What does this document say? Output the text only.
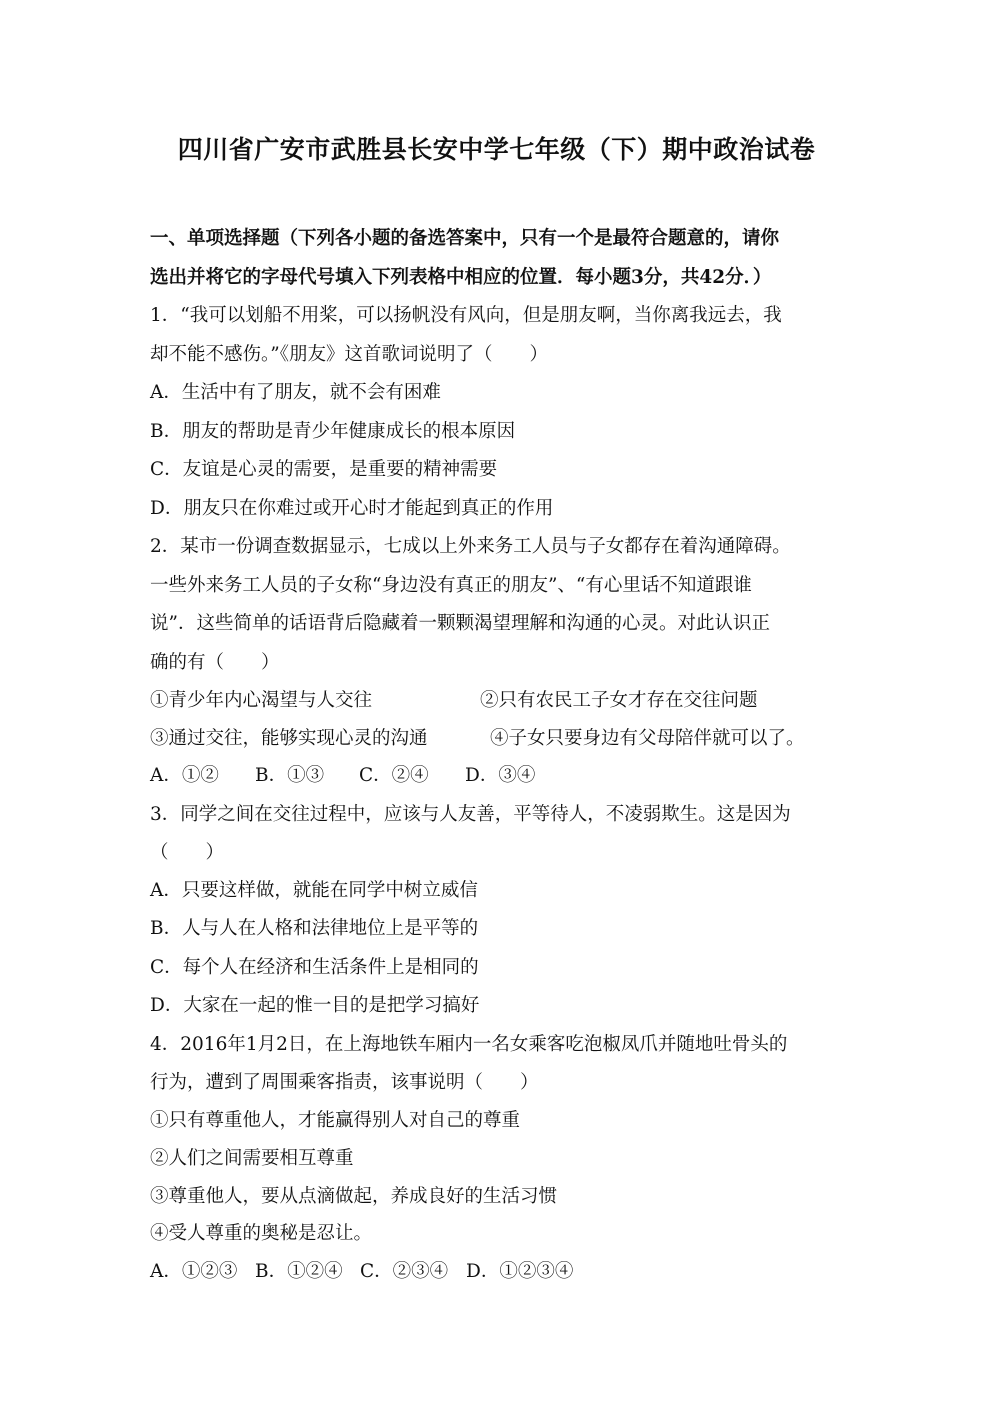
四川省广安市武胜县长安中学七年级（下）期中政治试卷
一、单项选择题（下列各小题的备选答案中，只有一个是最符合题意的，请你
选出并将它的字母代号填入下列表格中相应的位置．每小题3分，共42分．）
1．“我可以划船不用桨，可以扬帆没有风向，但是朋友啊，当你离我远去，我
却不能不感伤。”《朋友》这首歌词说明了（　　）
A．生活中有了朋友，就不会有困难
B．朋友的帮助是青少年健康成长的根本原因
C．友谊是心灵的需要，是重要的精神需要
D．朋友只在你难过或开心时才能起到真正的作用
2．某市一份调查数据显示，七成以上外来务工人员与子女都存在着沟通障碍。
一些外来务工人员的子女称“身边没有真正的朋友”、“有心里话不知道跟谁
说”．这些简单的话语背后隐藏着一颗颗渴望理解和沟通的心灵。对此认识正
确的有（　　）
①青少年内心渴望与人交往	②只有农民工子女才存在交往问题
③通过交往，能够实现心灵的沟通	④子女只要身边有父母陪伴就可以了。
A．①② B．①③ C．②④ D．③④
3．同学之间在交往过程中，应该与人友善，平等待人，不凌弱欺生。这是因为
（　　）
A．只要这样做，就能在同学中树立威信
B．人与人在人格和法律地位上是平等的
C．每个人在经济和生活条件上是相同的
D．大家在一起的惟一目的是把学习搞好
4．2016年1月2日，在上海地铁车厢内一名女乘客吃泡椒凤爪并随地吐骨头的
行为，遭到了周围乘客指责，该事说明（　　）
①只有尊重他人，才能赢得别人对自己的尊重
②人们之间需要相互尊重
③尊重他人，要从点滴做起，养成良好的生活习惯
④受人尊重的奥秘是忍让。
A．①②③ B．①②④ C．②③④ D．①②③④
